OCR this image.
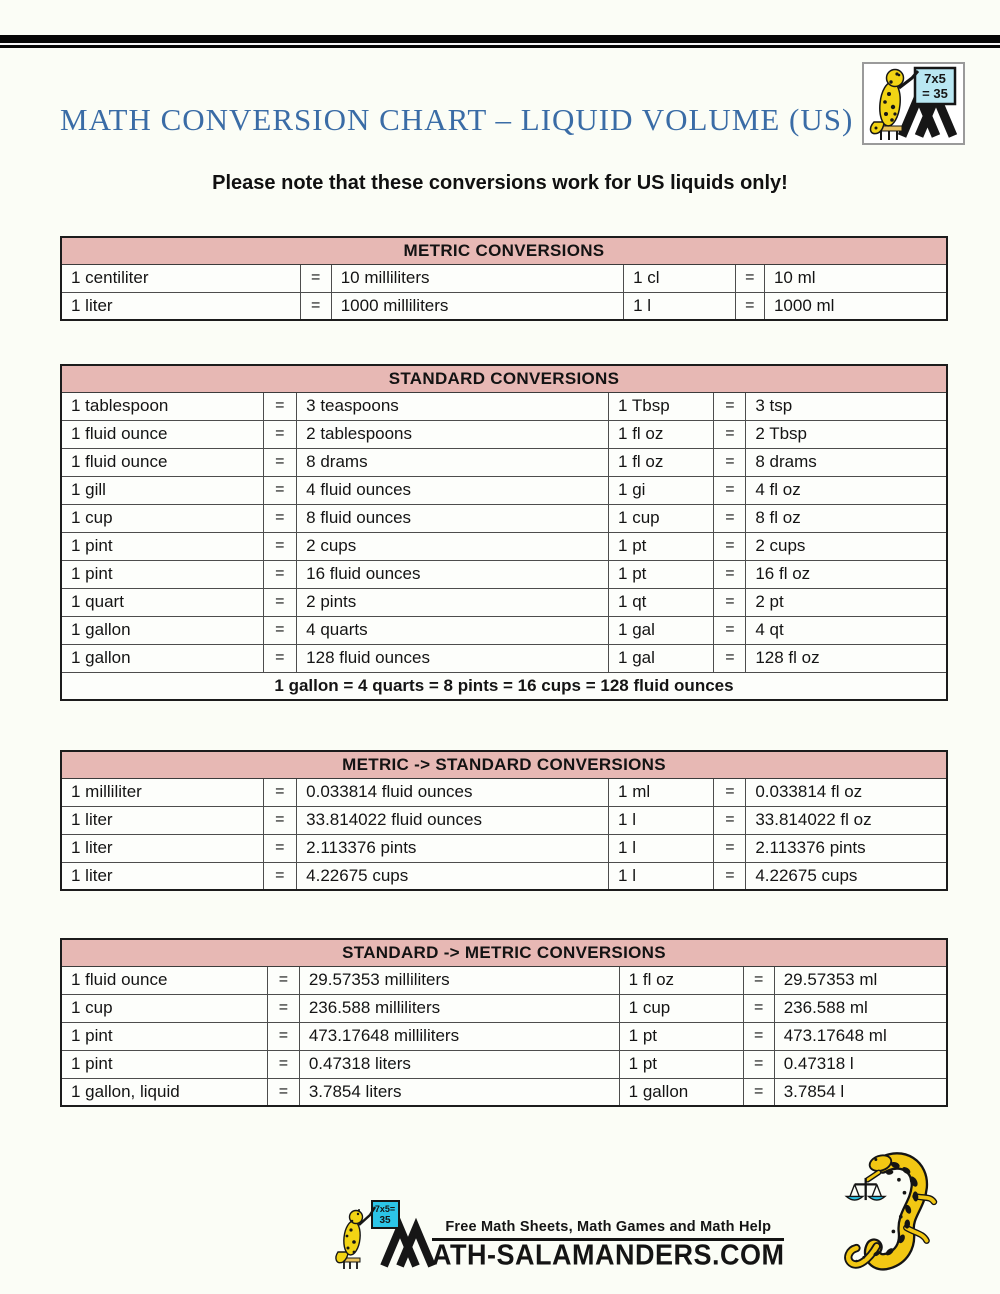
MATH CONVERSION CHART – LIQUID VOLUME (US)
7x5
= 35

Please note that these conversions work for US liquids only!

METRIC CONVERSIONS					
1 centiliter	=	10 milliliters	1 cl	=	10 ml
1 liter	=	1000 milliliters	1 l	=	1000 ml
STANDARD CONVERSIONS					
1 tablespoon	=	3 teaspoons	1 Tbsp	=	3 tsp
1 fluid ounce	=	2 tablespoons	1 fl oz	=	2 Tbsp
1 fluid ounce	=	8 drams	1 fl oz	=	8 drams
1 gill	=	4 fluid ounces	1 gi	=	4 fl oz
1 cup	=	8 fluid ounces	1 cup	=	8 fl oz
1 pint	=	2 cups	1 pt	=	2 cups
1 pint	=	16 fluid ounces	1 pt	=	16 fl oz
1 quart	=	2 pints	1 qt	=	2 pt
1 gallon	=	4 quarts	1 gal	=	4 qt
1 gallon	=	128 fluid ounces	1 gal	=	128 fl oz
1 gallon = 4 quarts = 8 pints = 16 cups = 128 fluid ounces					
METRIC -> STANDARD CONVERSIONS					
1 milliliter	=	0.033814 fluid ounces	1 ml	=	0.033814 fl oz
1 liter	=	33.814022 fluid ounces	1 l	=	33.814022 fl oz
1 liter	=	2.113376 pints	1 l	=	2.113376 pints
1 liter	=	4.22675 cups	1 l	=	4.22675 cups
STANDARD -> METRIC CONVERSIONS					
1 fluid ounce	=	29.57353 milliliters	1 fl oz	=	29.57353 ml
1 cup	=	236.588 milliliters	1 cup	=	236.588 ml
1 pint	=	473.17648 milliliters	1 pt	=	473.17648 ml
1 pint	=	0.47318 liters	1 pt	=	0.47318 l
1 gallon, liquid	=	3.7854 liters	1 gallon	=	3.7854 l
7x5=
35	Free Math Sheets, Math Games and Math Help
ATH-SALAMANDERS.COM
